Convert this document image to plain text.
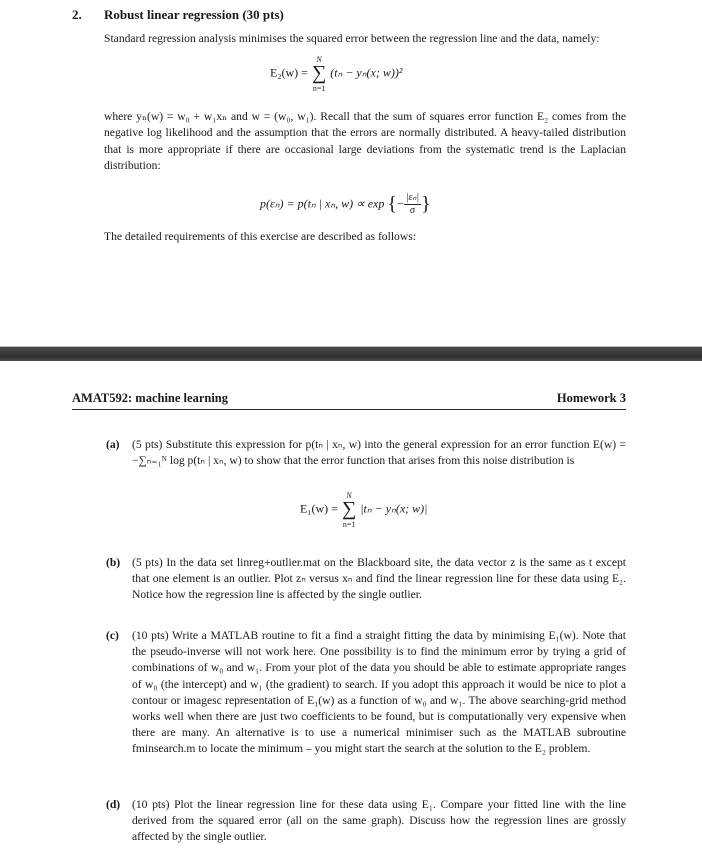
2. Robust linear regression (30 pts)
Standard regression analysis minimises the squared error between the regression line and the data, namely:
E₂(w) = ∑
N
n=1
(tₙ − yₙ(x; w))²
where yₙ(w) = w₀ + w₁xₙ and w = (w₀, w₁). Recall that the sum of squares error function E₂ comes from the negative log likelihood and the assumption that the errors are normally distributed. A heavy-tailed distribution that is more appropriate if there are occasional large deviations from the systematic trend is the Laplacian distribution:
p(εₙ) = p(tₙ | xₙ, w) ∝ exp {− $\frac{\text{|εₙ|}}{\sigma}$ }
The detailed requirements of this exercise are described as follows:
AMAT592: machine learning	Homework 3
(a) (5 pts) Substitute this expression for p(tₙ | xₙ, w) into the general expression for an error function E(w) = −∑ₙ₌₁ᴺ log p(tₙ | xₙ, w) to show that the error function that arises from this noise distribution is
E₁(w) = ∑
N
n=1
|tₙ − yₙ(x; w)|
(b) (5 pts) In the data set linreg+outlier.mat on the Blackboard site, the data vector z is the same as t except that one element is an outlier. Plot zₙ versus xₙ and find the linear regression line for these data using E₂. Notice how the regression line is affected by the single outlier.
(c) (10 pts) Write a MATLAB routine to fit a find a straight fitting the data by minimising E₁(w). Note that the pseudo-inverse will not work here. One possibility is to find the minimum error by trying a grid of combinations of w₀ and w₁. From your plot of the data you should be able to estimate appropriate ranges of w₀ (the intercept) and w₁ (the gradient) to search. If you adopt this approach it would be nice to plot a contour or imagesc representation of E₁(w) as a function of w₀ and w₁. The above searching-grid method works well when there are just two coefficients to be found, but is computationally very expensive when there are many. An alternative is to use a numerical minimiser such as the MATLAB subroutine fminsearch.m to locate the minimum – you might start the search at the solution to the E₂ problem.
(d) (10 pts) Plot the linear regression line for these data using E₁. Compare your fitted line with the line derived from the squared error (all on the same graph). Discuss how the regression lines are grossly affected by the single outlier.
